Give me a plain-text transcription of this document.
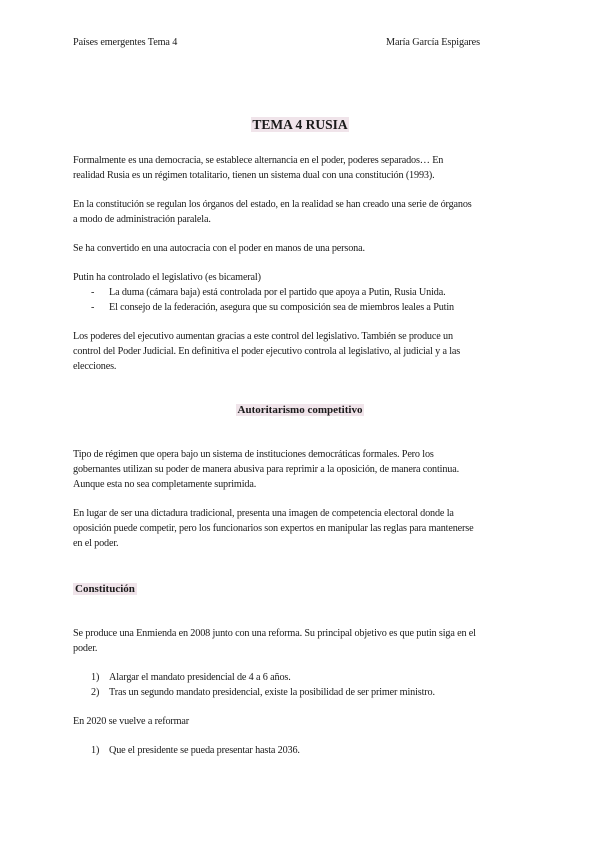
Países emergentes Tema 4	María García Espigares
TEMA 4 RUSIA
Formalmente es una democracia, se establece alternancia en el poder, poderes separados… En
realidad Rusia es un régimen totalitario, tienen un sistema dual con una constitución (1993).
En la constitución se regulan los órganos del estado, en la realidad se han creado una serie de órganos
a modo de administración paralela.
Se ha convertido en una autocracia con el poder en manos de una persona.
Putin ha controlado el legislativo (es bicameral)
- La duma (cámara baja) está controlada por el partido que apoya a Putin, Rusia Unida.
- El consejo de la federación, asegura que su composición sea de miembros leales a Putin
Los poderes del ejecutivo aumentan gracias a este control del legislativo. También se produce un
control del Poder Judicial. En definitiva el poder ejecutivo controla al legislativo, al judicial y a las
elecciones.
Autoritarismo competitivo
Tipo de régimen que opera bajo un sistema de instituciones democráticas formales. Pero los
gobernantes utilizan su poder de manera abusiva para reprimir a la oposición, de manera continua.
Aunque esta no sea completamente suprimida.
En lugar de ser una dictadura tradicional, presenta una imagen de competencia electoral donde la
oposición puede competir, pero los funcionarios son expertos en manipular las reglas para mantenerse
en el poder.
Constitución
Se produce una Enmienda en 2008 junto con una reforma. Su principal objetivo es que putin siga en el
poder.
1) Alargar el mandato presidencial de 4 a 6 años.
2) Tras un segundo mandato presidencial, existe la posibilidad de ser primer ministro.
En 2020 se vuelve a reformar
1) Que el presidente se pueda presentar hasta 2036.
